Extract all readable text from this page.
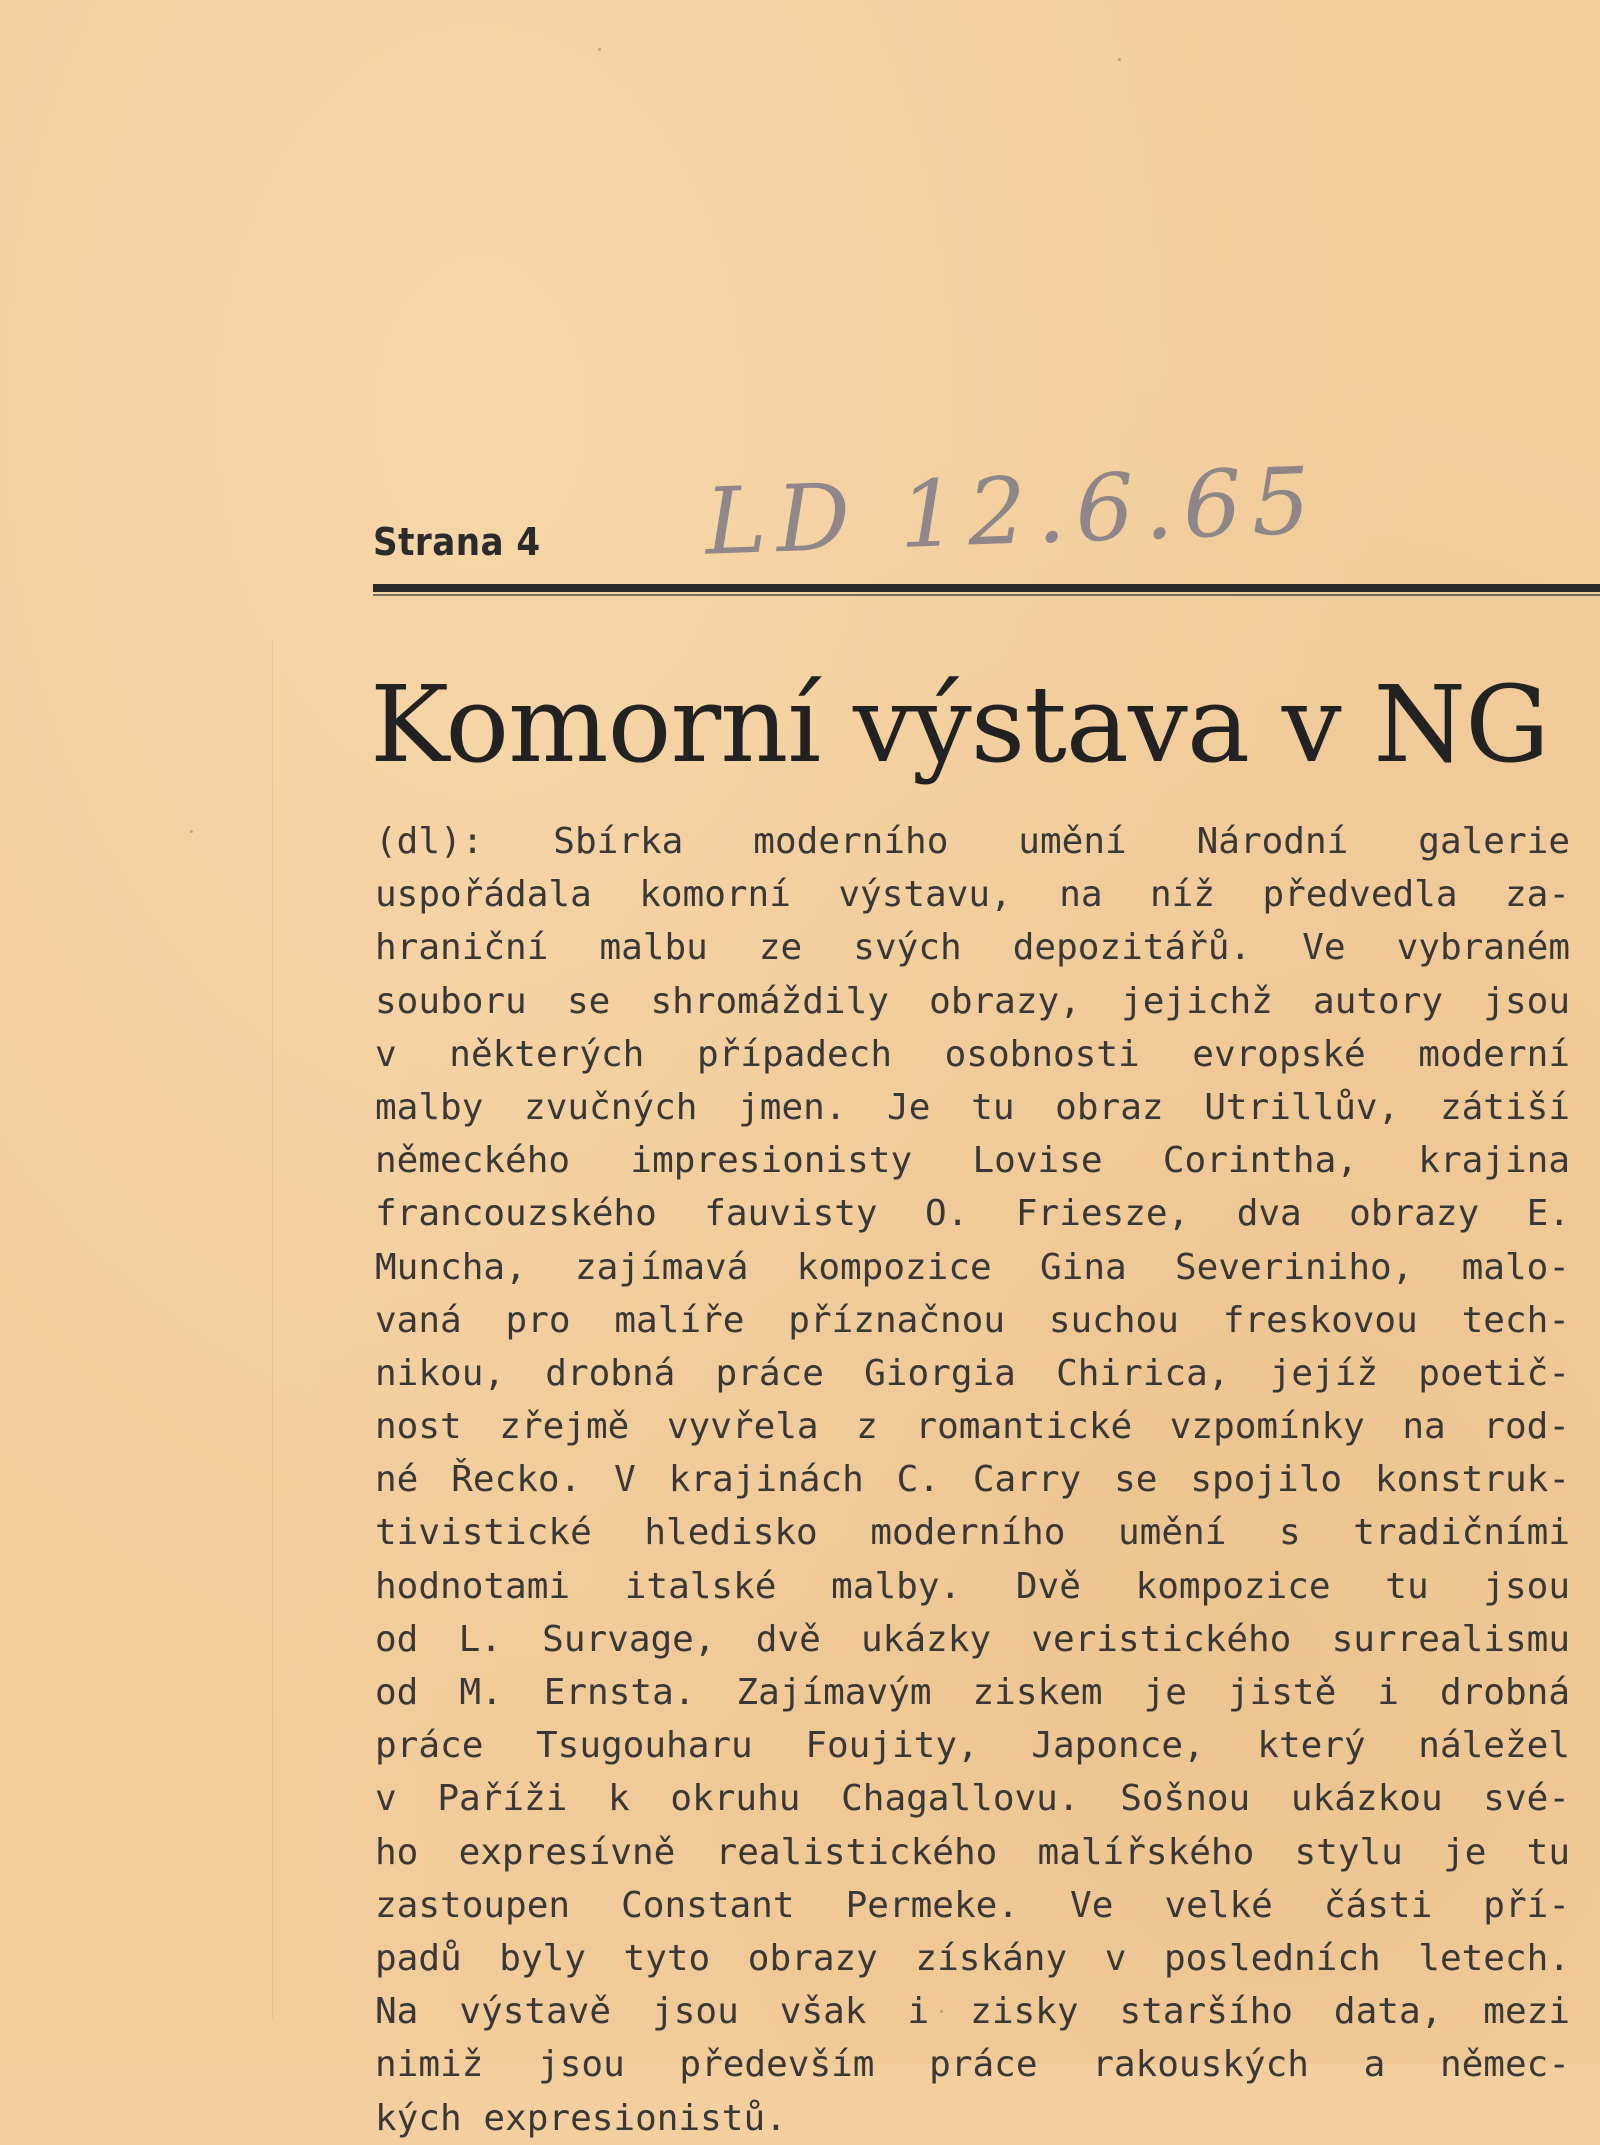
Strana 4 LD 12.6.65
Komorní výstava v NG
(dl): Sbírka moderního umění Národní galerie
uspořádala komorní výstavu, na níž předvedla za-
hraniční malbu ze svých depozitářů. Ve vybraném
souboru se shromáždily obrazy, jejichž autory jsou
v některých případech osobnosti evropské moderní
malby zvučných jmen. Je tu obraz Utrillův, zátiší
německého impresionisty Lovise Corintha, krajina
francouzského fauvisty O. Friesze, dva obrazy E.
Muncha, zajímavá kompozice Gina Severiniho, malo-
vaná pro malíře příznačnou suchou freskovou tech-
nikou, drobná práce Giorgia Chirica, jejíž poetič-
nost zřejmě vyvřela z romantické vzpomínky na rod-
né Řecko. V krajinách C. Carry se spojilo konstruk-
tivistické hledisko moderního umění s tradičními
hodnotami italské malby. Dvě kompozice tu jsou
od L. Survage, dvě ukázky veristického surrealismu
od M. Ernsta. Zajímavým ziskem je jistě i drobná
práce Tsugouharu Foujity, Japonce, který náležel
v Paříži k okruhu Chagallovu. Sošnou ukázkou své-
ho expresívně realistického malířského stylu je tu
zastoupen Constant Permeke. Ve velké části pří-
padů byly tyto obrazy získány v posledních letech.
Na výstavě jsou však i zisky staršího data, mezi
nimiž jsou především práce rakouských a němec-
kých expresionistů.
